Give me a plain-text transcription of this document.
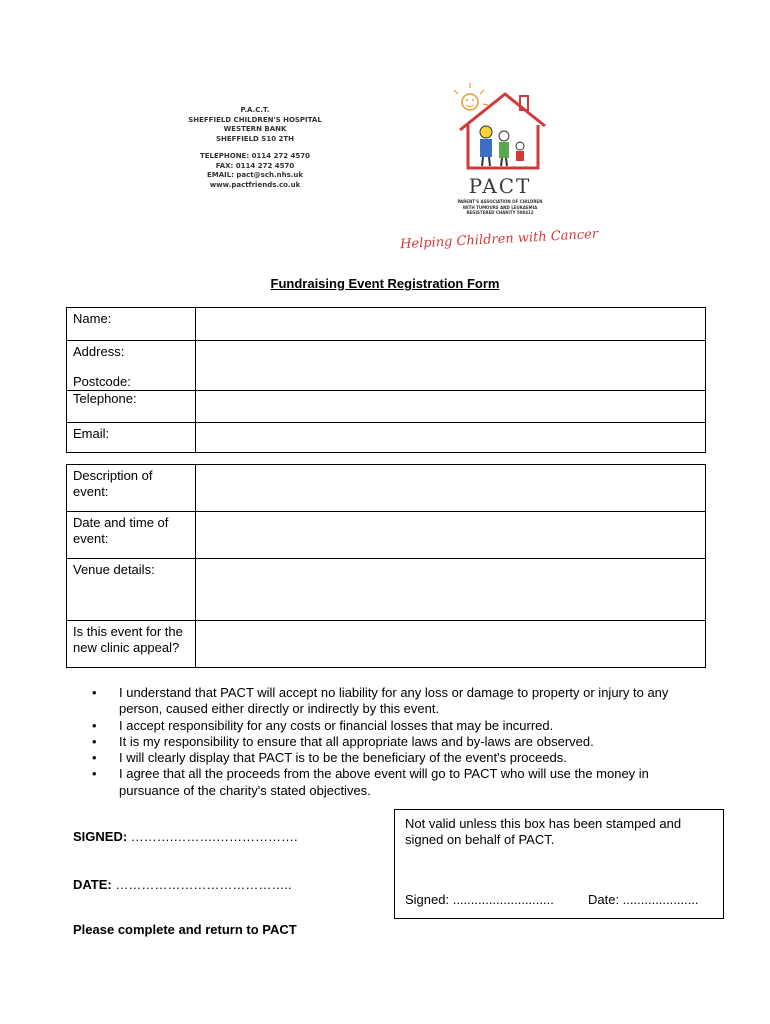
P.A.C.T.
SHEFFIELD CHILDREN'S HOSPITAL
WESTERN BANK
SHEFFIELD S10 2TH
TELEPHONE: 0114 272 4570
FAX: 0114 272 4570
EMAIL: pact@sch.nhs.uk
www.pactfriends.co.uk	PACT
PARENT'S ASSOCIATION OF CHILDREN
WITH TUMOURS AND LEUKAEMIA
REGISTERED CHARITY 508412
Helping Children with Cancer
Fundraising Event Registration Form
Name:	

Address:
Postcode:	

Telephone:	
Email:	
Description of event:	
Date and time of event:	
Venue details:	
Is this event for the new clinic appeal?	
• I understand that PACT will accept no liability for any loss or damage to property or injury to any person, caused either directly or indirectly by this event.
• I accept responsibility for any costs or financial losses that may be incurred.
• It is my responsibility to ensure that all appropriate laws and by-laws are observed.
• I will clearly display that PACT is to be the beneficiary of the event's proceeds.
• I agree that all the proceeds from the above event will go to PACT who will use the money in pursuance of the charity's stated objectives.
SIGNED: ……….……….……………….
DATE: …………………………………..
Please complete and return to PACT
Not valid unless this box has been stamped and signed on behalf of PACT.
Signed: ............................	Date: .....................
